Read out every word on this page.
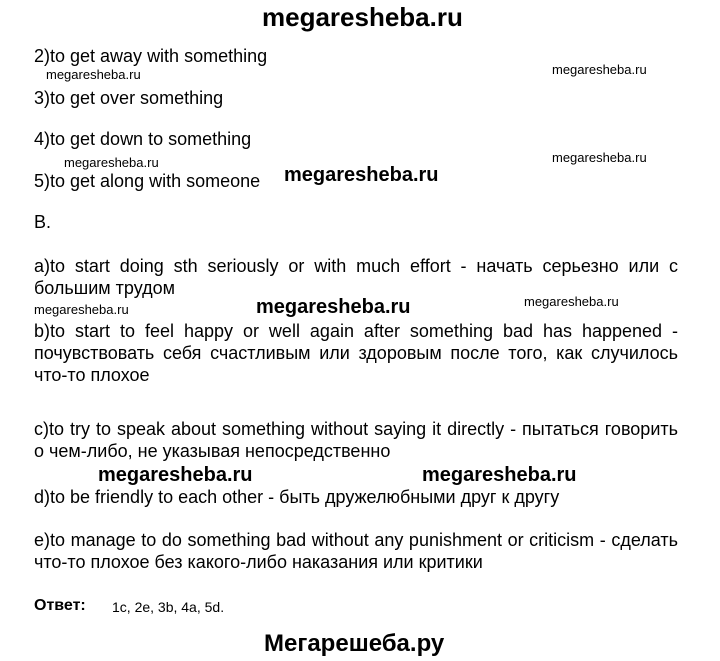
megaresheba.ru
2)to get away with something
megaresheba.ru	megaresheba.ru
3)to get over something
4)to get down to something
megaresheba.ru	megaresheba.ru
5)to get along with someone megaresheba.ru
B.
a)to start doing sth seriously or with much effort - начать серьезно или с большим трудом
megaresheba.ru	megaresheba.ru
megaresheba.ru
b)to start to feel happy or well again after something bad has happened - почувствовать себя счастливым или здоровым после того, как случилось что-то плохое
c)to try to speak about something without saying it directly - пытаться говорить о чем-либо, не указывая непосредственно
megaresheba.ru	megaresheba.ru
d)to be friendly to each other - быть дружелюбными друг к другу
e)to manage to do something bad without any punishment or criticism - сделать что-то плохое без какого-либо наказания или критики
Ответ: 1c, 2e, 3b, 4a, 5d.
Мегарешеба.ру
